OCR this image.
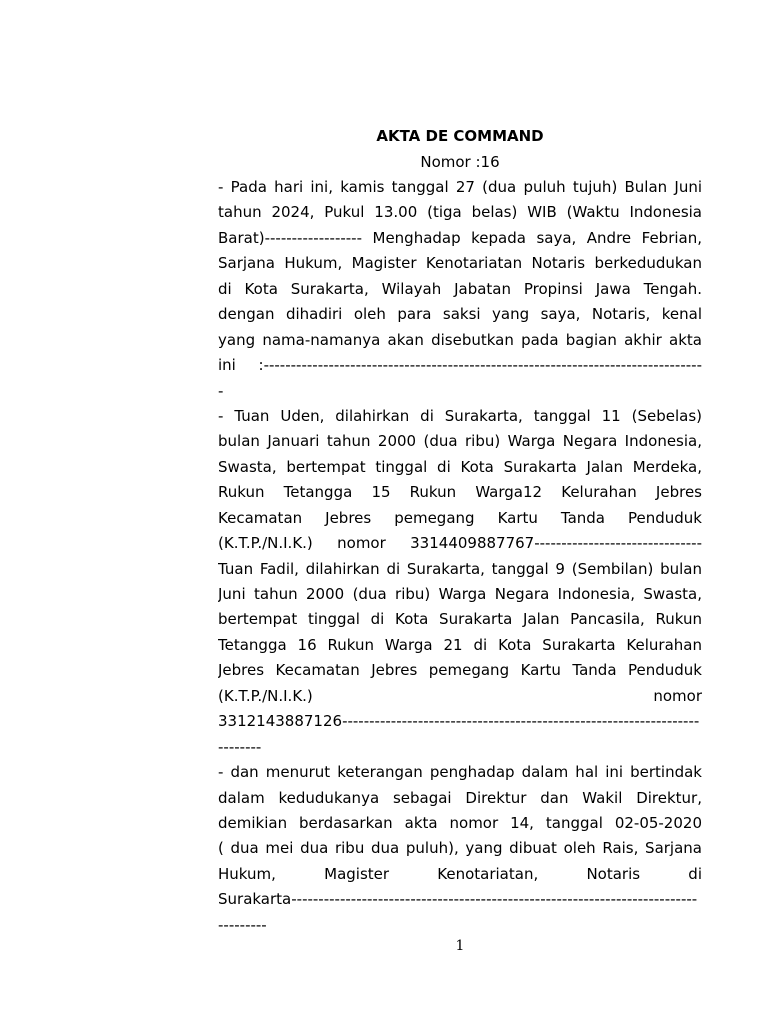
AKTA DE COMMAND
Nomor :16
- Pada hari ini, kamis tanggal 27 (dua puluh tujuh) Bulan Juni
tahun 2024, Pukul 13.00 (tiga belas) WIB (Waktu Indonesia
Barat)------------------ Menghadap kepada saya, Andre Febrian,
Sarjana Hukum, Magister Kenotariatan Notaris berkedudukan
di Kota Surakarta, Wilayah Jabatan Propinsi Jawa Tengah.
dengan dihadiri oleh para saksi yang saya, Notaris, kenal
yang nama-namanya akan disebutkan pada bagian akhir akta
ini :---------------------------------------------------------------------------------
-
- Tuan Uden, dilahirkan di Surakarta, tanggal 11 (Sebelas)
bulan Januari tahun 2000 (dua ribu) Warga Negara Indonesia,
Swasta, bertempat tinggal di Kota Surakarta Jalan Merdeka,
Rukun Tetangga 15 Rukun Warga12 Kelurahan Jebres
Kecamatan Jebres pemegang Kartu Tanda Penduduk
(K.T.P./N.I.K.) nomor 3314409887767-------------------------------
Tuan Fadil, dilahirkan di Surakarta, tanggal 9 (Sembilan) bulan
Juni tahun 2000 (dua ribu) Warga Negara Indonesia, Swasta,
bertempat tinggal di Kota Surakarta Jalan Pancasila, Rukun
Tetangga 16 Rukun Warga 21 di Kota Surakarta Kelurahan
Jebres Kecamatan Jebres pemegang Kartu Tanda Penduduk
(K.T.P./N.I.K.) nomor
3312143887126------------------------------------------------------------------
--------
- dan menurut keterangan penghadap dalam hal ini bertindak
dalam kedudukanya sebagai Direktur dan Wakil Direktur,
demikian berdasarkan akta nomor 14, tanggal 02-05-2020
( dua mei dua ribu dua puluh), yang dibuat oleh Rais, Sarjana
Hukum, Magister Kenotariatan, Notaris di
Surakarta---------------------------------------------------------------------------
---------
1
